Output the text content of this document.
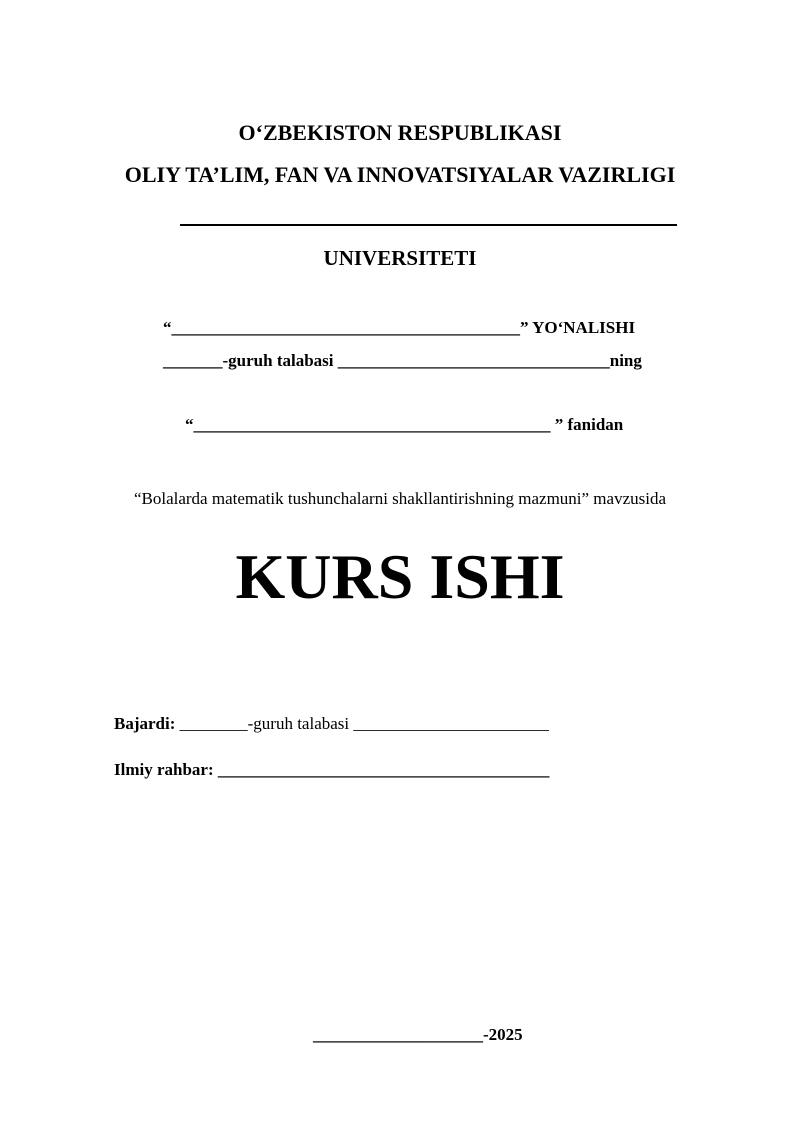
O‘ZBEKISTON RESPUBLIKASI
OLIY TA’LIM, FAN VA INNOVATSIYALAR VAZIRLIGI
UNIVERSITETI
“_________________________________________” YO‘NALISHI
_______-guruh talabasi ________________________________ning
“__________________________________________ ” fanidan
“Bolalarda matematik tushunchalarni shakllantirishning mazmuni” mavzusida
KURS ISHI
Bajardi: ________-guruh talabasi _______________________
Ilmiy rahbar: _______________________________________
____________________-2025
